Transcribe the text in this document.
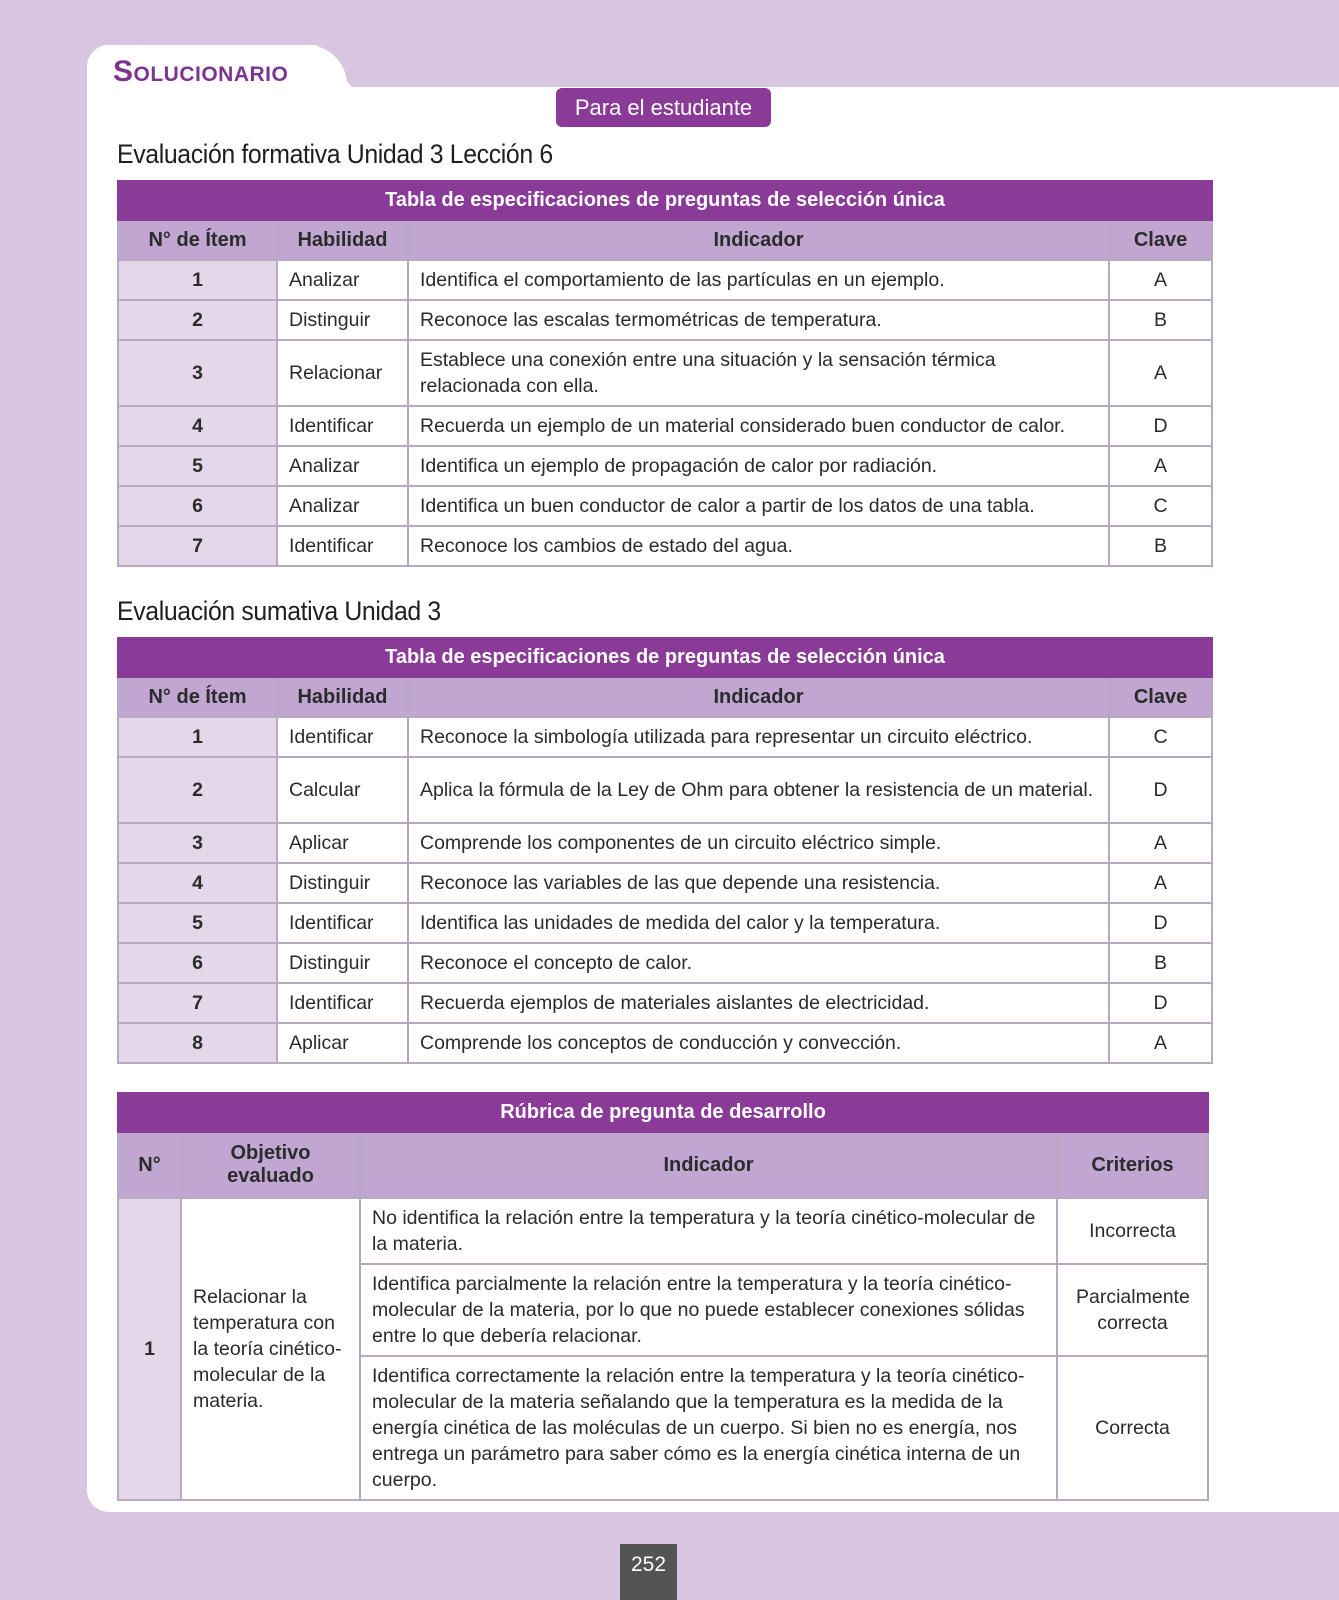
Solucionario
Para el estudiante
Evaluación formativa Unidad 3 Lección 6
Tabla de especificaciones de preguntas de selección única			
N° de Ítem	Habilidad	Indicador	Clave
1	Analizar	Identifica el comportamiento de las partículas en un ejemplo.	A
2	Distinguir	Reconoce las escalas termométricas de temperatura.	B
3	Relacionar	Establece una conexión entre una situación y la sensación térmica relacionada con ella.	A
4	Identificar	Recuerda un ejemplo de un material considerado buen conductor de calor.	D
5	Analizar	Identifica un ejemplo de propagación de calor por radiación.	A
6	Analizar	Identifica un buen conductor de calor a partir de los datos de una tabla.	C
7	Identificar	Reconoce los cambios de estado del agua.	B
Evaluación sumativa Unidad 3
Tabla de especificaciones de preguntas de selección única			
N° de Ítem	Habilidad	Indicador	Clave
1	Identificar	Reconoce la simbología utilizada para representar un circuito eléctrico.	C
2	Calcular	Aplica la fórmula de la Ley de Ohm para obtener la resistencia de un material.	D
3	Aplicar	Comprende los componentes de un circuito eléctrico simple.	A
4	Distinguir	Reconoce las variables de las que depende una resistencia.	A
5	Identificar	Identifica las unidades de medida del calor y la temperatura.	D
6	Distinguir	Reconoce el concepto de calor.	B
7	Identificar	Recuerda ejemplos de materiales aislantes de electricidad.	D
8	Aplicar	Comprende los conceptos de conducción y convección.	A
Rúbrica de pregunta de desarrollo			
N°	Objetivo evaluado	Indicador	Criterios
1	Relacionar la temperatura con la teoría cinético-molecular de la materia.	No identifica la relación entre la temperatura y la teoría cinético-molecular de la materia.	Incorrecta
		Identifica parcialmente la relación entre la temperatura y la teoría cinético-molecular de la materia, por lo que no puede establecer conexiones sólidas entre lo que debería relacionar.	Parcialmente correcta
		Identifica correctamente la relación entre la temperatura y la teoría cinético-molecular de la materia señalando que la temperatura es la medida de la energía cinética de las moléculas de un cuerpo. Si bien no es energía, nos entrega un parámetro para saber cómo es la energía cinética interna de un cuerpo.	Correcta
252
